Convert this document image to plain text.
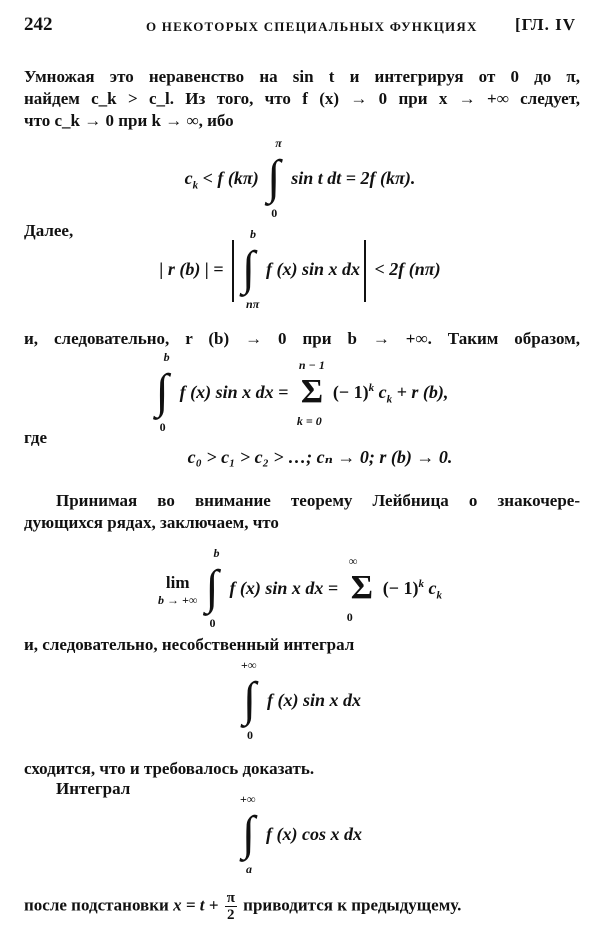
242	О НЕКОТОРЫХ СПЕЦИАЛЬНЫХ ФУНКЦИЯХ [ГЛ. IV
Умножая это неравенство на sin t и интегрируя от 0 до π,
найдем c_k > c_l. Из того, что f (x) → 0 при x → +∞ следует,
что c_k → 0 при k → ∞, ибо
$c_k < f$ (kπ) ∫
π
0
sin t dt = 2f (kπ).
Далее,
| r (b) | = ∫
b
nπ
f (x) sin x dx < 2f (nπ)
и, следовательно, r (b) → 0 при b → +∞. Таким образом,
∫
b
0
f (x) sin x dx = Σ
n − 1
k = 0
(− 1)$^k$ $c_k + r$ (b),
где
c₀ > c₁ > c₂ > …; cₙ → 0; r (b) → 0.
Принимая во внимание теорему Лейбница о знакочере-
дующихся рядах, заключаем, что
lim
b → +∞ ∫
b
0
f (x) sin x dx = Σ
∞
0
(− 1)$^k$ $c_k$
и, следовательно, несобственный интеграл
∫
+∞
0
f (x) sin x dx
сходится, что и требовалось доказать.
Интеграл
∫
+∞
a
f (x) cos x dx
после подстановки $x = t + \frac{\pi}{2}$ приводится к предыдущему.
